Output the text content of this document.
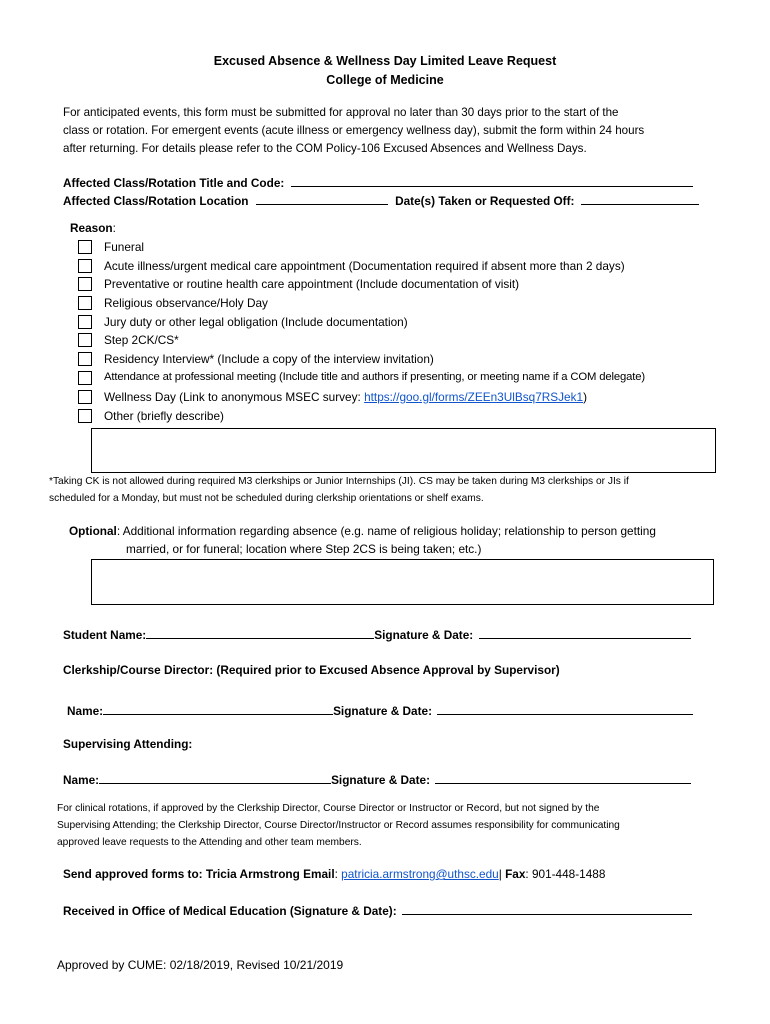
Excused Absence & Wellness Day Limited Leave Request
College of Medicine
For anticipated events, this form must be submitted for approval no later than 30 days prior to the start of the
class or rotation. For emergent events (acute illness or emergency wellness day), submit the form within 24 hours
after returning. For details please refer to the COM Policy-106 Excused Absences and Wellness Days.
Affected Class/Rotation Title and Code:
Affected Class/Rotation Location	Date(s) Taken or Requested Off:
Reason:
Funeral
Acute illness/urgent medical care appointment (Documentation required if absent more than 2 days)
Preventative or routine health care appointment (Include documentation of visit)
Religious observance/Holy Day
Jury duty or other legal obligation (Include documentation)
Step 2CK/CS*
Residency Interview* (Include a copy of the interview invitation)
Attendance at professional meeting (Include title and authors if presenting, or meeting name if a COM delegate)
Wellness Day (Link to anonymous MSEC survey: https://goo.gl/forms/ZEEn3UlBsq7RSJek1)
Other (briefly describe)
*Taking CK is not allowed during required M3 clerkships or Junior Internships (JI). CS may be taken during M3 clerkships or JIs if
scheduled for a Monday, but must not be scheduled during clerkship orientations or shelf exams.
Optional: Additional information regarding absence (e.g. name of religious holiday; relationship to person getting
married, or for funeral; location where Step 2CS is being taken; etc.)
Student Name:	Signature & Date:
Clerkship/Course Director: (Required prior to Excused Absence Approval by Supervisor)
Name:	Signature & Date:
Supervising Attending:
Name:	Signature & Date:
For clinical rotations, if approved by the Clerkship Director, Course Director or Instructor or Record, but not signed by the
Supervising Attending; the Clerkship Director, Course Director/Instructor or Record assumes responsibility for communicating
approved leave requests to the Attending and other team members.
Send approved forms to: Tricia Armstrong Email: patricia.armstrong@uthsc.edu| Fax: 901-448-1488
Received in Office of Medical Education (Signature & Date):
Approved by CUME: 02/18/2019, Revised 10/21/2019
